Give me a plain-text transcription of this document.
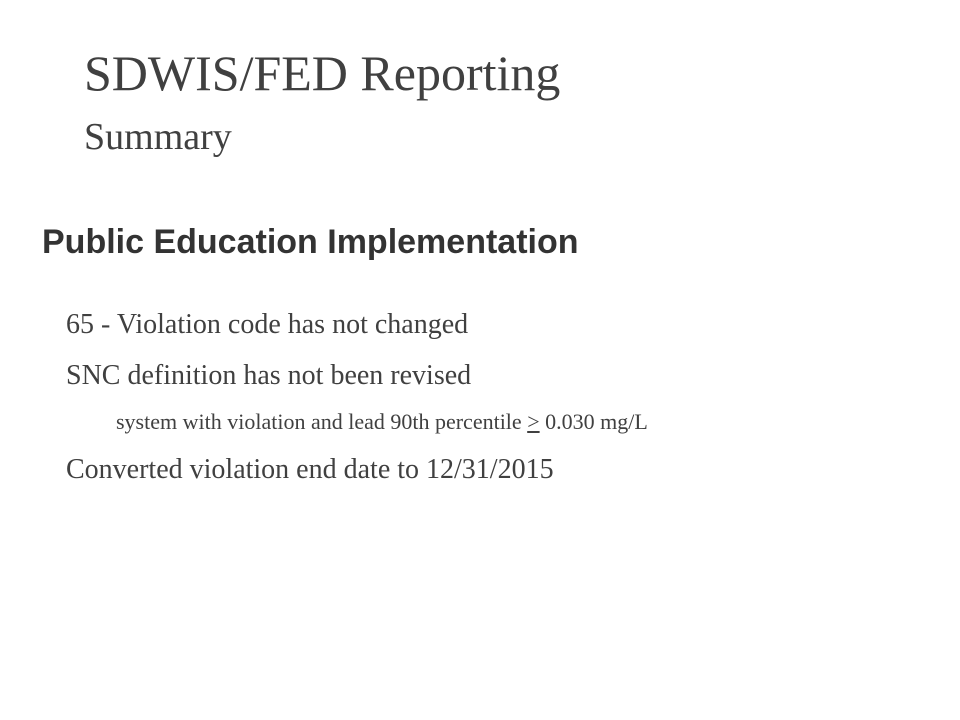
SDWIS/FED Reporting
Summary
Public Education Implementation
65 - Violation code has not changed
SNC definition has not been revised
system with violation and lead 90th percentile ≥ 0.030 mg/L
Converted violation end date to 12/31/2015
